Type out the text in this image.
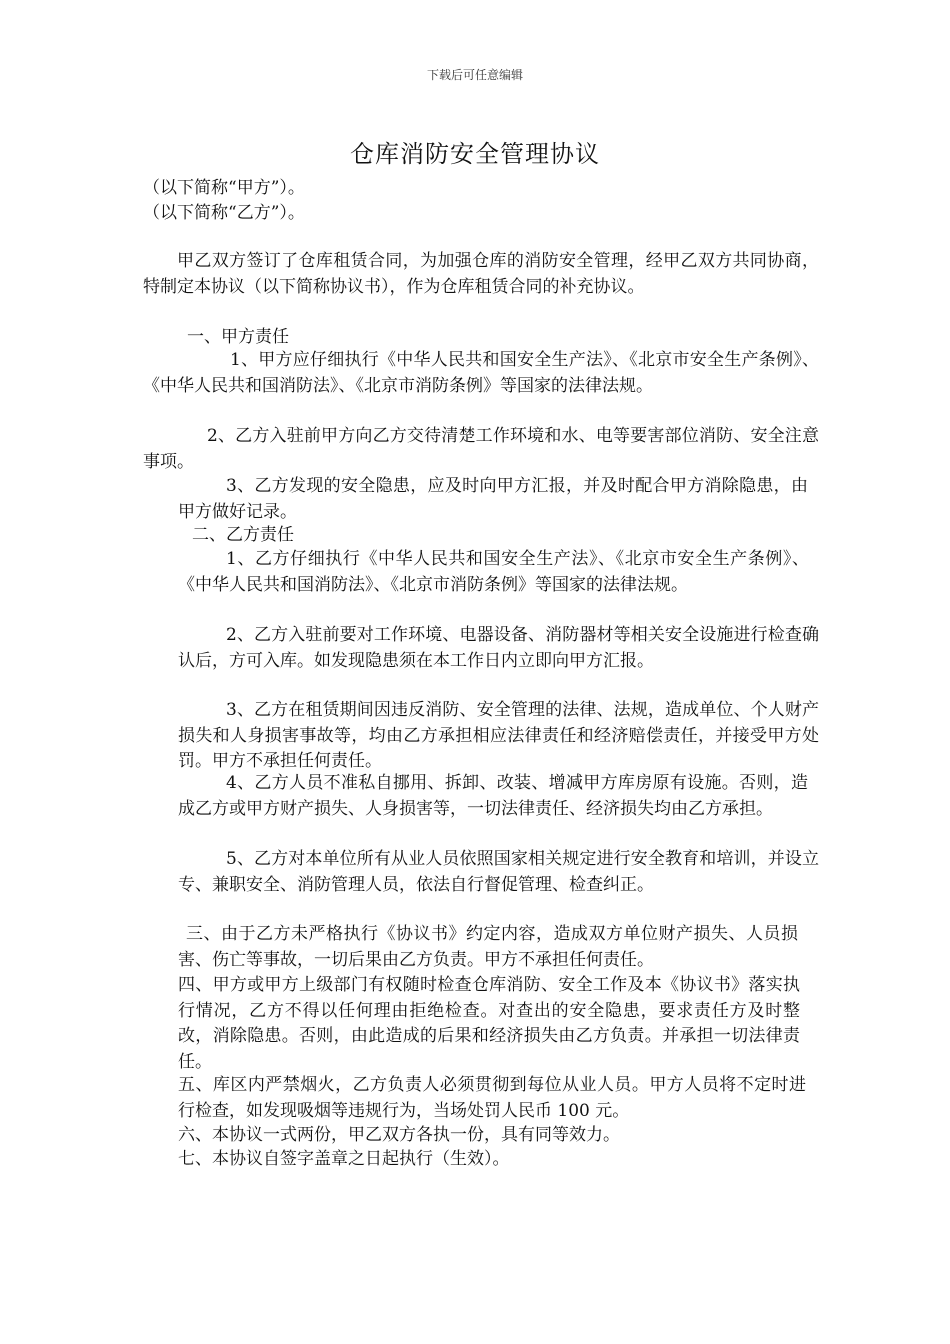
下载后可任意编辑
仓库消防安全管理协议
（以下简称“甲方”）。
（以下简称“乙方”）。
甲乙双方签订了仓库租赁合同，为加强仓库的消防安全管理，经甲乙双方共同协商，特制定本协议（以下简称协议书），作为仓库租赁合同的补充协议。
一、甲方责任
1、甲方应仔细执行《中华人民共和国安全生产法》、《北京市安全生产条例》、《中华人民共和国消防法》、《北京市消防条例》等国家的法律法规。
2、乙方入驻前甲方向乙方交待清楚工作环境和水、电等要害部位消防、安全注意事项。
3、乙方发现的安全隐患，应及时向甲方汇报，并及时配合甲方消除隐患，由甲方做好记录。
二、乙方责任
1、乙方仔细执行《中华人民共和国安全生产法》、《北京市安全生产条例》、《中华人民共和国消防法》、《北京市消防条例》等国家的法律法规。
2、乙方入驻前要对工作环境、电器设备、消防器材等相关安全设施进行检查确认后，方可入库。如发现隐患须在本工作日内立即向甲方汇报。
3、乙方在租赁期间因违反消防、安全管理的法律、法规，造成单位、个人财产损失和人身损害事故等，均由乙方承担相应法律责任和经济赔偿责任，并接受甲方处罚。甲方不承担任何责任。
4、乙方人员不准私自挪用、拆卸、改装、增减甲方库房原有设施。否则，造成乙方或甲方财产损失、人身损害等，一切法律责任、经济损失均由乙方承担。
5、乙方对本单位所有从业人员依照国家相关规定进行安全教育和培训，并设立专、兼职安全、消防管理人员，依法自行督促管理、检查纠正。
三、由于乙方未严格执行《协议书》约定内容，造成双方单位财产损失、人员损害、伤亡等事故，一切后果由乙方负责。甲方不承担任何责任。
四、甲方或甲方上级部门有权随时检查仓库消防、安全工作及本《协议书》落实执行情况，乙方不得以任何理由拒绝检查。对查出的安全隐患，要求责任方及时整改，消除隐患。否则，由此造成的后果和经济损失由乙方负责。并承担一切法律责任。
五、库区内严禁烟火，乙方负责人必须贯彻到每位从业人员。甲方人员将不定时进行检查，如发现吸烟等违规行为，当场处罚人民币 100 元。
六、本协议一式两份，甲乙双方各执一份，具有同等效力。
七、本协议自签字盖章之日起执行（生效）。
